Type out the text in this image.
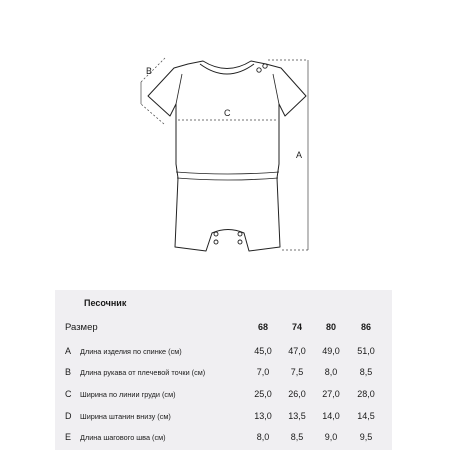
B
C
A
Песочник
Размер	68	74	80	86
A Длина изделия по спинке (см)	45,0	47,0	49,0	51,0
B Длина рукава от плечевой точки (см)	7,0	7,5	8,0	8,5
C Ширина по линии груди (см)	25,0	26,0	27,0	28,0
D Ширина штанин внизу (см)	13,0	13,5	14,0	14,5
E Длина шагового шва (см)	8,0	8,5	9,0	9,5
